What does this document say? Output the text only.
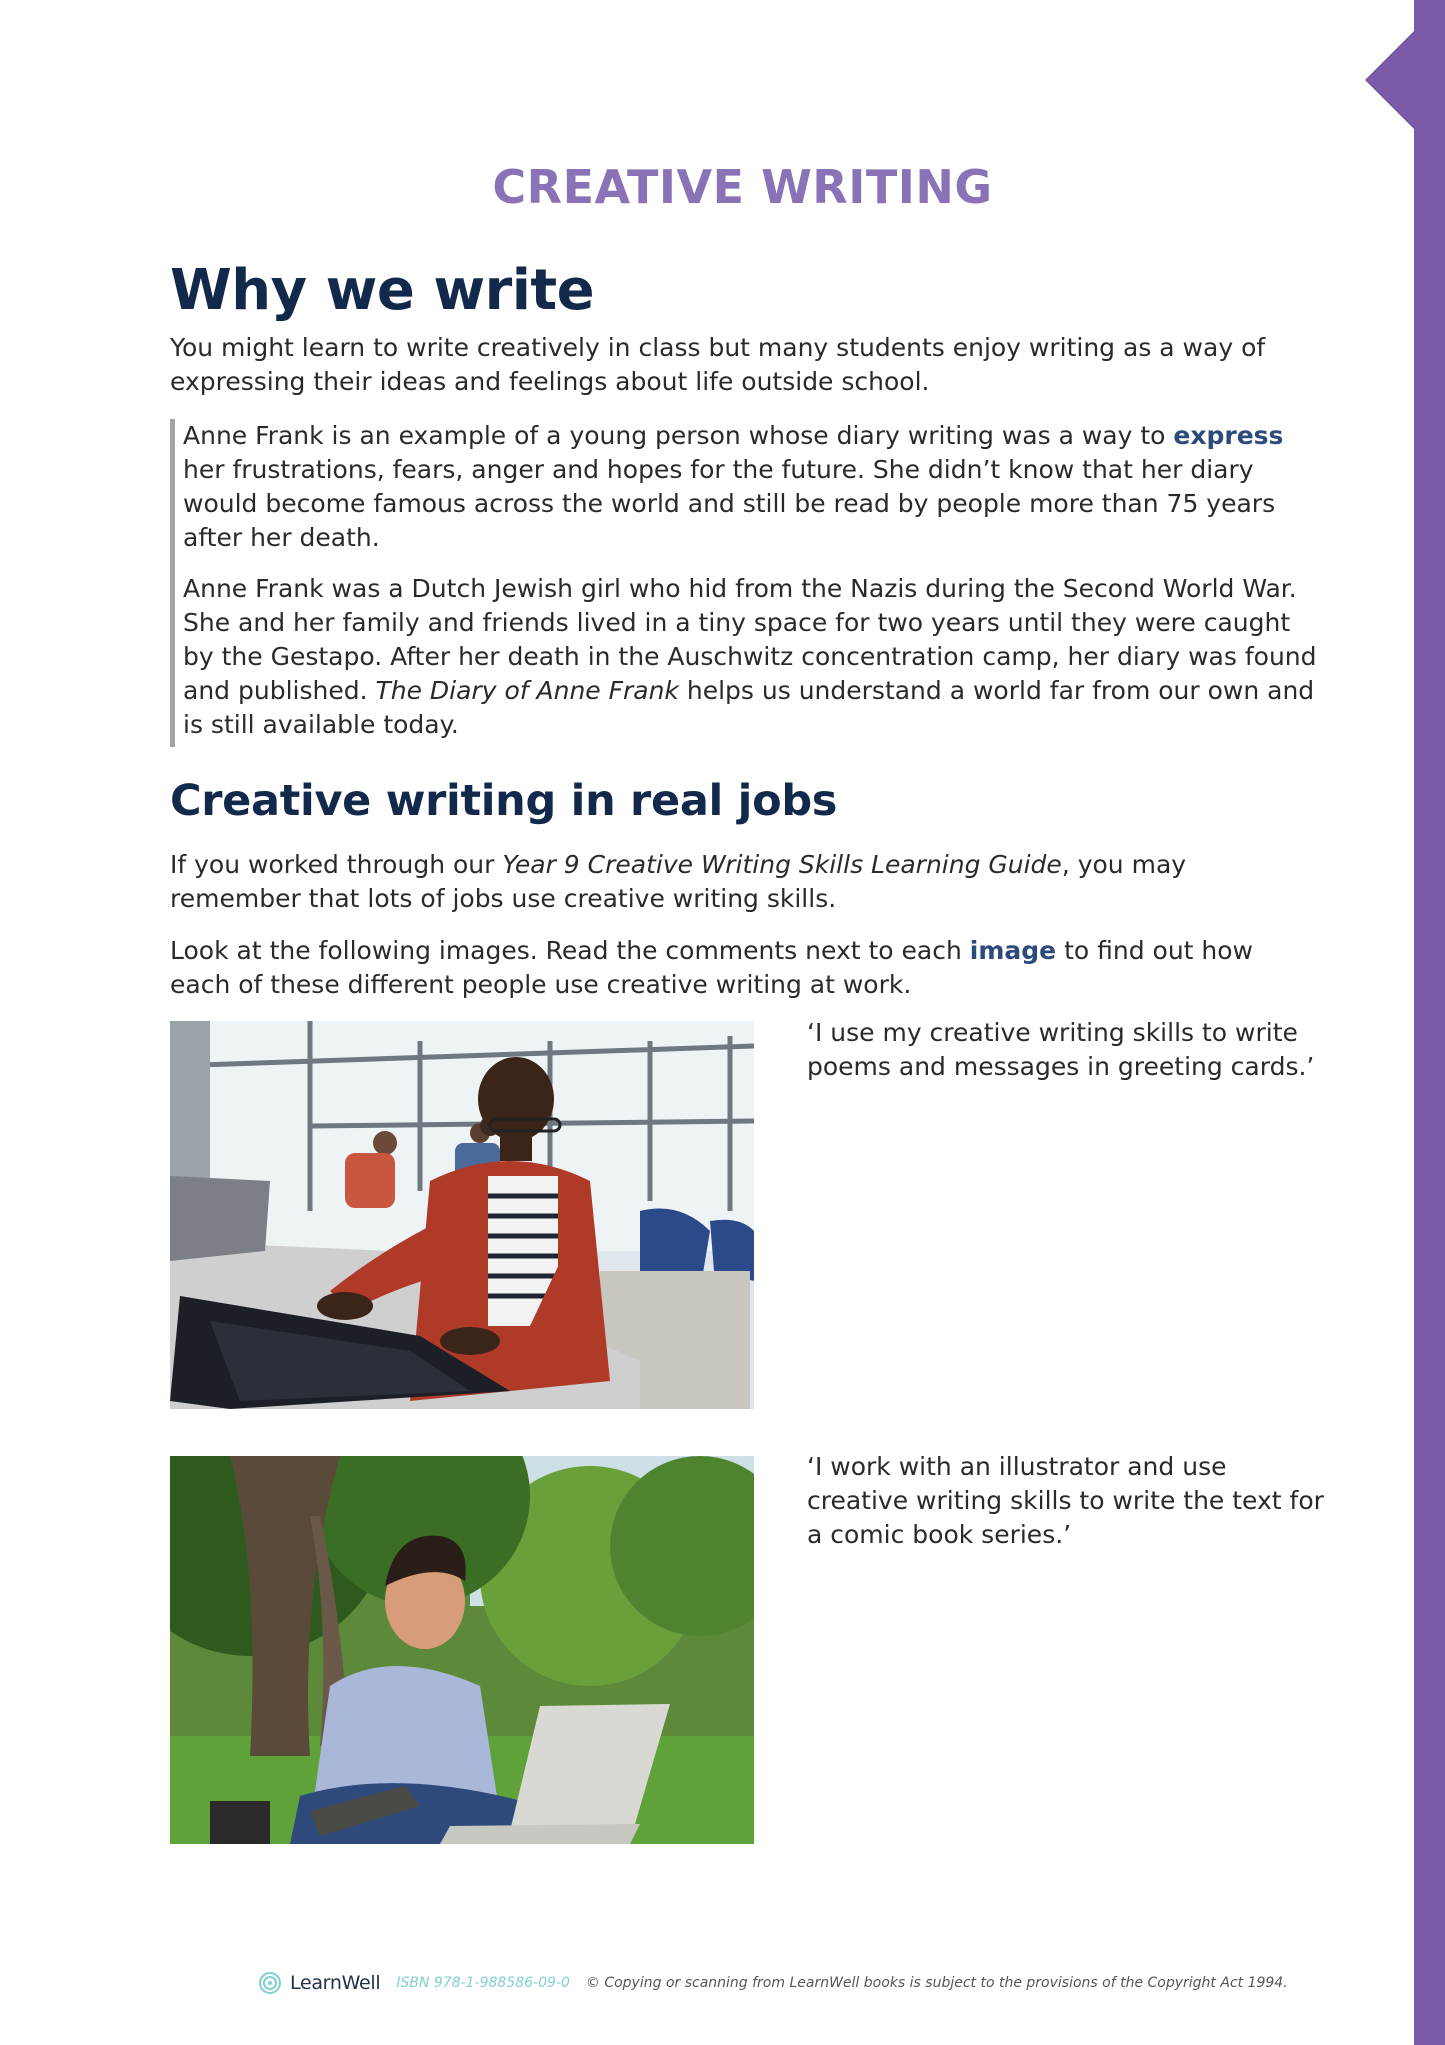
CREATIVE WRITING
Why we write

You might learn to write creatively in class but many students enjoy writing as a way of expressing their ideas and feelings about life outside school.

Anne Frank is an example of a young person whose diary writing was a way to express her frustrations, fears, anger and hopes for the future. She didn’t know that her diary would become famous across the world and still be read by people more than 75 years after her death.

Anne Frank was a Dutch Jewish girl who hid from the Nazis during the Second World War. She and her family and friends lived in a tiny space for two years until they were caught by the Gestapo. After her death in the Auschwitz concentration camp, her diary was found and published. The Diary of Anne Frank helps us understand a world far from our own and is still available today.

Creative writing in real jobs

If you worked through our Year 9 Creative Writing Skills Learning Guide, you may remember that lots of jobs use creative writing skills.

Look at the following images. Read the comments next to each image to find out how each of these different people use creative writing at work.

‘I use my creative writing skills to write poems and messages in greeting cards.’

‘I work with an illustrator and use creative writing skills to write the text for a comic book series.’

LearnWell ISBN 978-1-988586-09-0 © Copying or scanning from LearnWell books is subject to the provisions of the Copyright Act 1994.
